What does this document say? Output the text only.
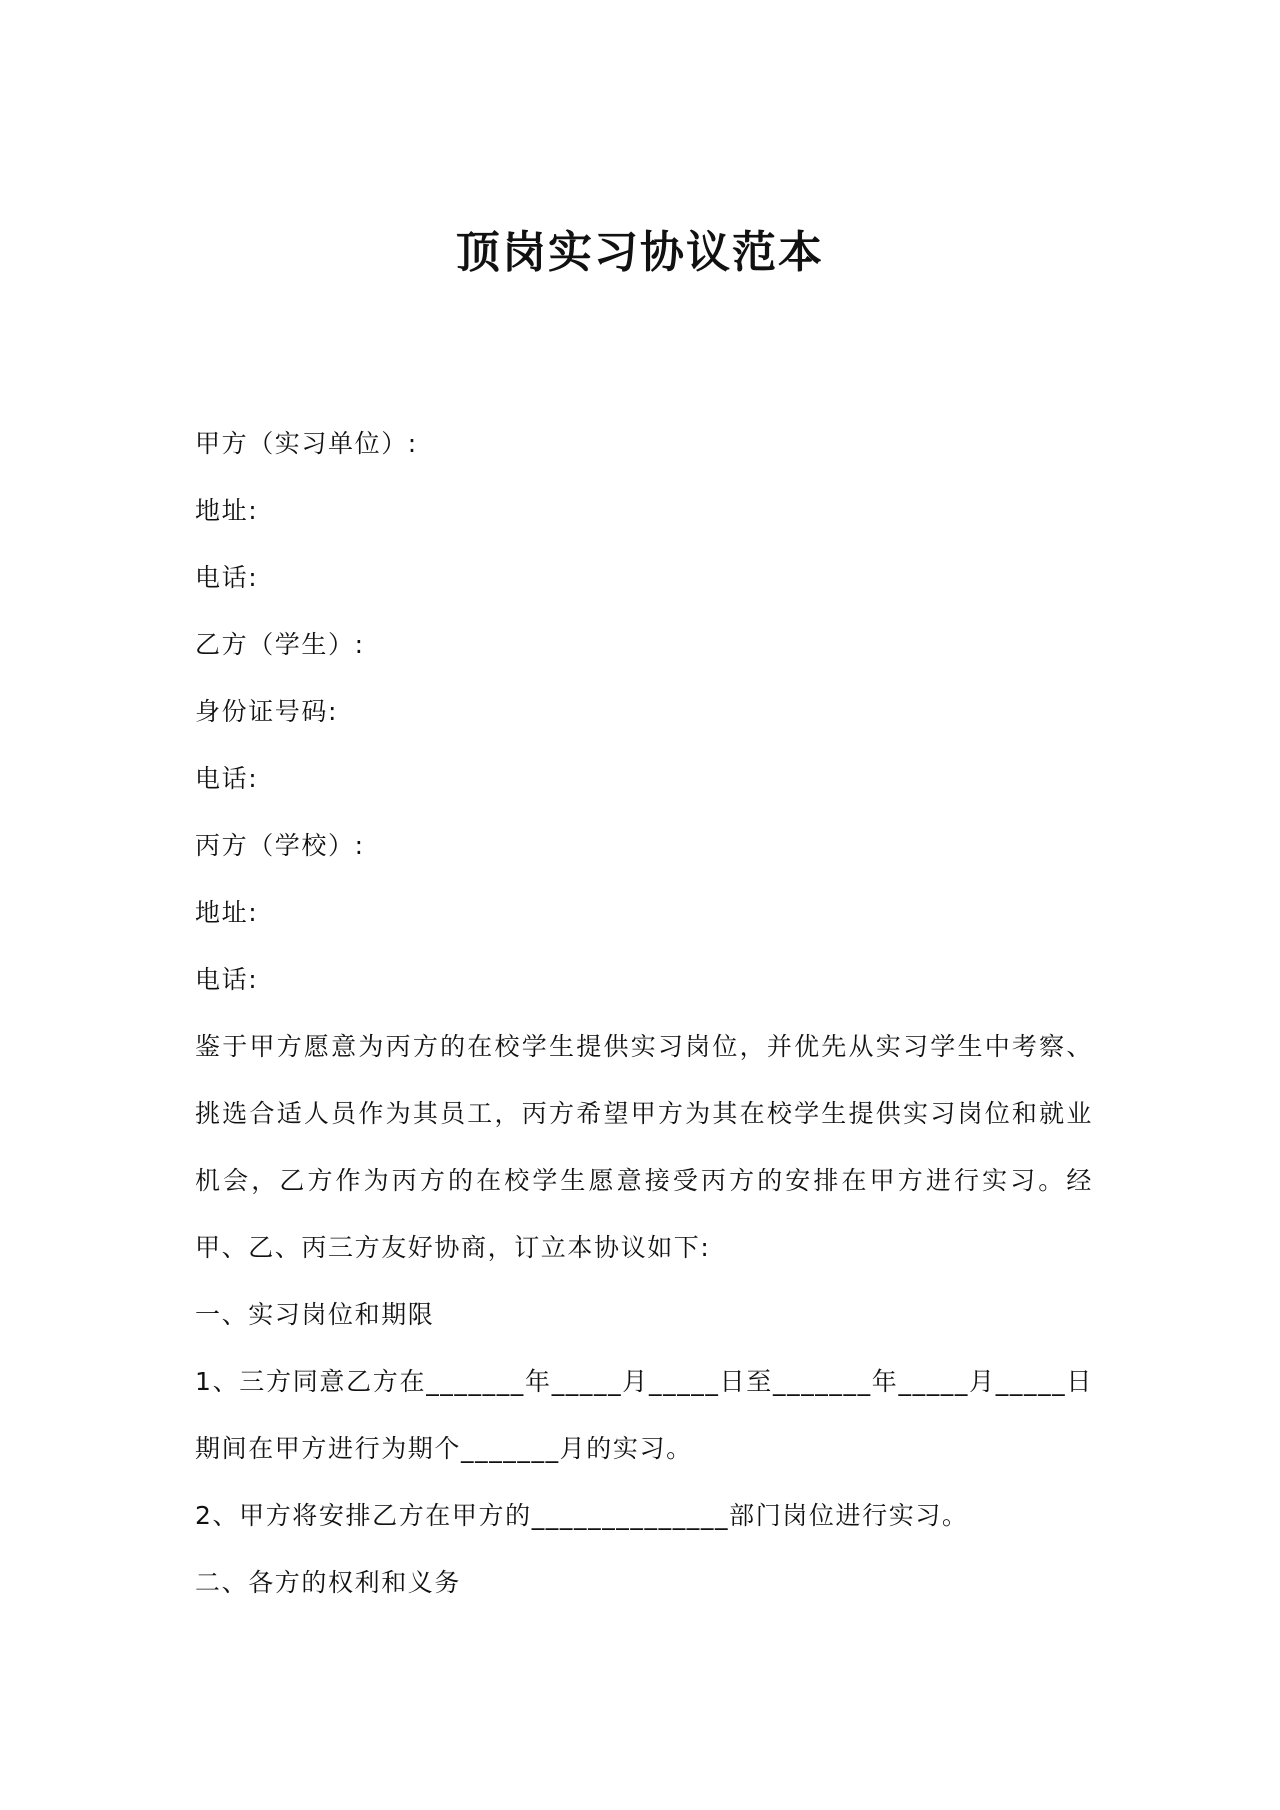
顶岗实习协议范本

甲方（实习单位）:

地址:

电话:

乙方（学生）:

身份证号码:

电话:

丙方（学校）:

地址:

电话:

鉴于甲方愿意为丙方的在校学生提供实习岗位，并优先从实习学生中考察、挑选合适人员作为其员工，丙方希望甲方为其在校学生提供实习岗位和就业机会，乙方作为丙方的在校学生愿意接受丙方的安排在甲方进行实习。经甲、乙、丙三方友好协商，订立本协议如下:

一、实习岗位和期限

1、三方同意乙方在_______年_____月_____日至_______年_____月_____日期间在甲方进行为期个_______月的实习。

2、甲方将安排乙方在甲方的______________部门岗位进行实习。

二、各方的权利和义务
